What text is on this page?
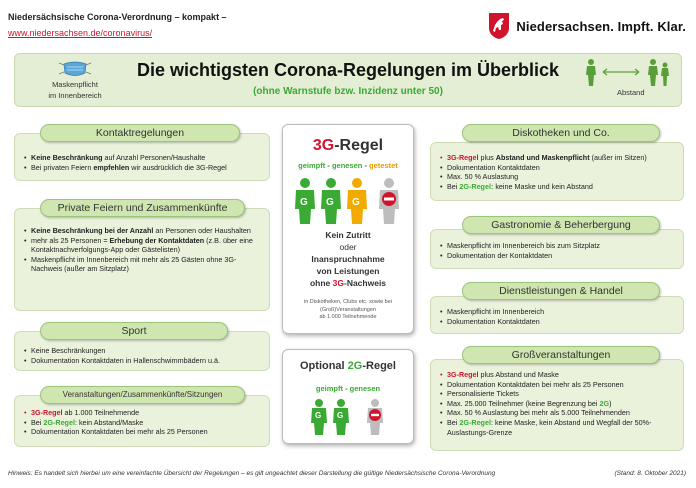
Niedersächsische Corona-Verordnung – kompakt –
www.niedersachsen.de/coronavirus/	Niedersachsen. Impft. Klar.
Maskenpflicht
im Innenbereich
Die wichtigsten Corona-Regelungen im Überblick
(ohne Warnstufe bzw. Inzidenz unter 50)	Abstand
Kontaktregelungen
• Keine Beschränkung auf Anzahl Personen/Haushalte
• Bei privaten Feiern empfehlen wir ausdrücklich die 3G-Regel
Private Feiern und Zusammenkünfte
• Keine Beschränkung bei der Anzahl an Personen oder Haushalten
• mehr als 25 Personen = Erhebung der Kontaktdaten (z.B. über eine Kontaktnachverfolgungs-App oder Gästelisten)
• Maskenpflicht im Innenbereich mit mehr als 25 Gästen ohne 3G-Nachweis (außer am Sitzplatz)
Sport
• Keine Beschränkungen
• Dokumentation Kontaktdaten in Hallenschwimmbädern u.ä.
Veranstaltungen/Zusammenkünfte/Sitzungen
• 3G-Regel ab 1.000 Teilnehmende
• Bei 2G-Regel: kein Abstand/Maske
• Dokumentation Kontaktdaten bei mehr als 25 Personen
3G-Regel
geimpft - genesen - getestet
G G G
Kein Zutritt
oder
Inanspruchnahme
von Leistungen
ohne 3G-Nachweis
in Diskotheken, Clubs etc. sowie bei
(Groß)Veranstaltungen
ab 1.000 Teilnehmende
Optional 2G-Regel
geimpft - genesen
G G
Diskotheken und Co.
• 3G-Regel plus Abstand und Maskenpflicht (außer im Sitzen)
• Dokumentation Kontaktdaten
• Max. 50 % Auslastung
• Bei 2G-Regel: keine Maske und kein Abstand
Gastronomie & Beherbergung
• Maskenpflicht im Innenbereich bis zum Sitzplatz
• Dokumentation der Kontaktdaten
Dienstleistungen & Handel
• Maskenpflicht im Innenbereich
• Dokumentation Kontaktdaten
Großveranstaltungen
• 3G-Regel plus Abstand und Maske
• Dokumentation Kontaktdaten bei mehr als 25 Personen
• Personalisierte Tickets
• Max. 25.000 Teilnehmer (keine Begrenzung bei 2G)
• Max. 50 % Auslastung bei mehr als 5.000 Teilnehmenden
• Bei 2G-Regel: keine Maske, kein Abstand und Wegfall der 50%-Auslastungs-Grenze
Hinweis: Es handelt sich hierbei um eine vereinfachte Übersicht der Regelungen – es gilt ungeachtet dieser Darstellung die gültige Niedersächsische Corona-Verordnung	(Stand: 8. Oktober 2021)
